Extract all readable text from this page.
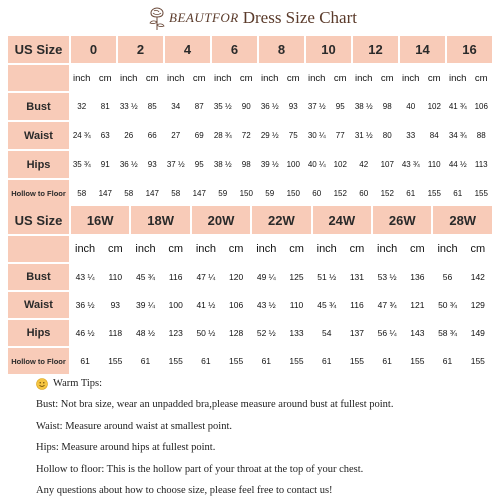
BEAUTFOR Dress Size Chart
US Size	0		2		4		6		8		10		12		14		16	
	inch	cm	inch	cm	inch	cm	inch	cm	inch	cm	inch	cm	inch	cm	inch	cm	inch	cm
Bust	32	81	33 ½	85	34	87	35 ½	90	36 ½	93	37 ½	95	38 ½	98	40	102	41 ¾	106
Waist	24 ¾	63	26	66	27	69	28 ¾	72	29 ½	75	30 ¼	77	31 ½	80	33	84	34 ¾	88
Hips	35 ¾	91	36 ½	93	37 ½	95	38 ½	98	39 ½	100	40 ¼	102	42	107	43 ¾	110	44 ½	113
Hollow to Floor	58	147	58	147	58	147	59	150	59	150	60	152	60	152	61	155	61	155
US Size	16W		18W		20W		22W		24W		26W		28W	
	inch	cm	inch	cm	inch	cm	inch	cm	inch	cm	inch	cm	inch	cm
Bust	43 ¼	110	45 ¾	116	47 ¼	120	49 ¼	125	51 ½	131	53 ½	136	56	142
Waist	36 ½	93	39 ¼	100	41 ½	106	43 ½	110	45 ¾	116	47 ¾	121	50 ¾	129
Hips	46 ½	118	48 ½	123	50 ½	128	52 ½	133	54	137	56 ¼	143	58 ¾	149
Hollow to Floor	61	155	61	155	61	155	61	155	61	155	61	155	61	155
Warm Tips:
Bust: Not bra size, wear an unpadded bra,please measure around bust at fullest point.
Waist: Measure around waist at smallest point.
Hips: Measure around hips at fullest point.
Hollow to floor: This is the hollow part of your throat at the top of your chest.
Any questions about how to choose size, please feel free to contact us!
